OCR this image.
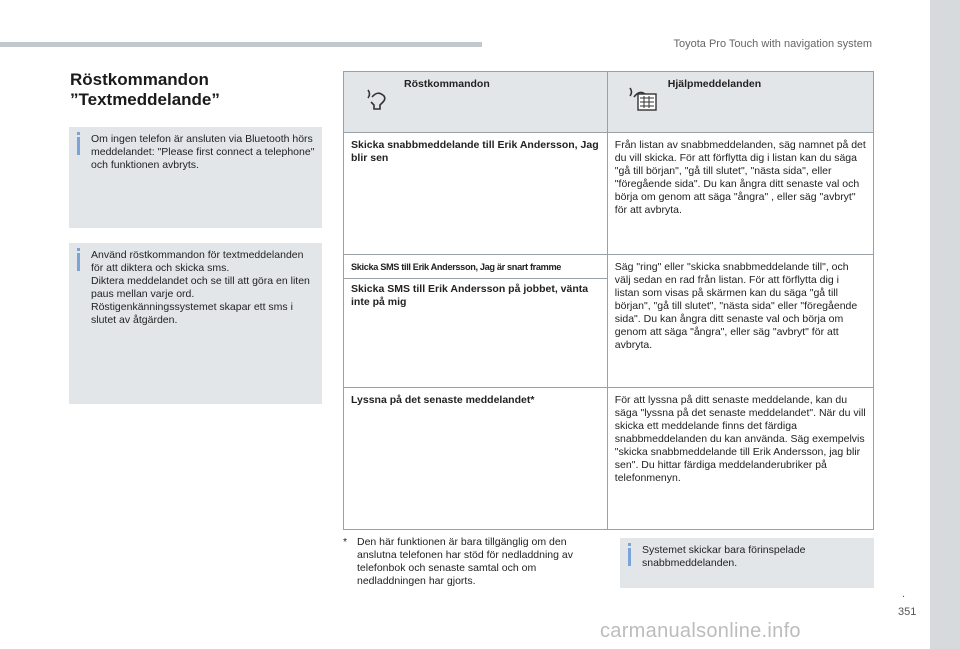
Toyota Pro Touch with navigation system
Röstkommandon
”Textmeddelande”
Om ingen telefon är ansluten via Bluetooth hörs meddelandet: "Please first connect a telephone" och funktionen avbryts.
Använd röstkommandon för textmeddelanden för att diktera och skicka sms.
Diktera meddelandet och se till att göra en liten paus mellan varje ord.
Röstigenkänningssystemet skapar ett sms i slutet av åtgärden.
Röstkommandon	Hjälpmeddelanden

Skicka snabbmeddelande till Erik Andersson, Jag blir sen	Från listan av snabbmeddelanden, säg namnet på det du vill skicka. För att förflytta dig i listan kan du säga "gå till början", "gå till slutet", "nästa sida", eller "föregående sida". Du kan ångra ditt senaste val och börja om genom att säga "ångra" , eller säg "avbryt" för att avbryta.

Skicka SMS till Erik Andersson, Jag är snart framme
Skicka SMS till Erik Andersson på jobbet, vänta inte på mig	Säg "ring" eller "skicka snabbmeddelande till", och välj sedan en rad från listan. För att förflytta dig i listan som visas på skärmen kan du säga "gå till början", "gå till slutet", "nästa sida" eller "föregående sida". Du kan ångra ditt senaste val och börja om genom att säga "ångra", eller säg "avbryt" för att avbryta.
Lyssna på det senaste meddelandet*	För att lyssna på ditt senaste meddelande, kan du säga "lyssna på det senaste meddelandet". När du vill skicka ett meddelande finns det färdiga snabbmeddelanden du kan använda. Säg exempelvis "skicka snabbmeddelande till Erik Andersson, jag blir sen". Du hittar färdiga meddelanderubriker på telefonmenyn.
* Den här funktionen är bara tillgänglig om den anslutna telefonen har stöd för nedladdning av telefonbok och senaste samtal och om nedladdningen har gjorts.
Systemet skickar bara förinspelade snabbmeddelanden.
.
351
carmanualsonline.info
